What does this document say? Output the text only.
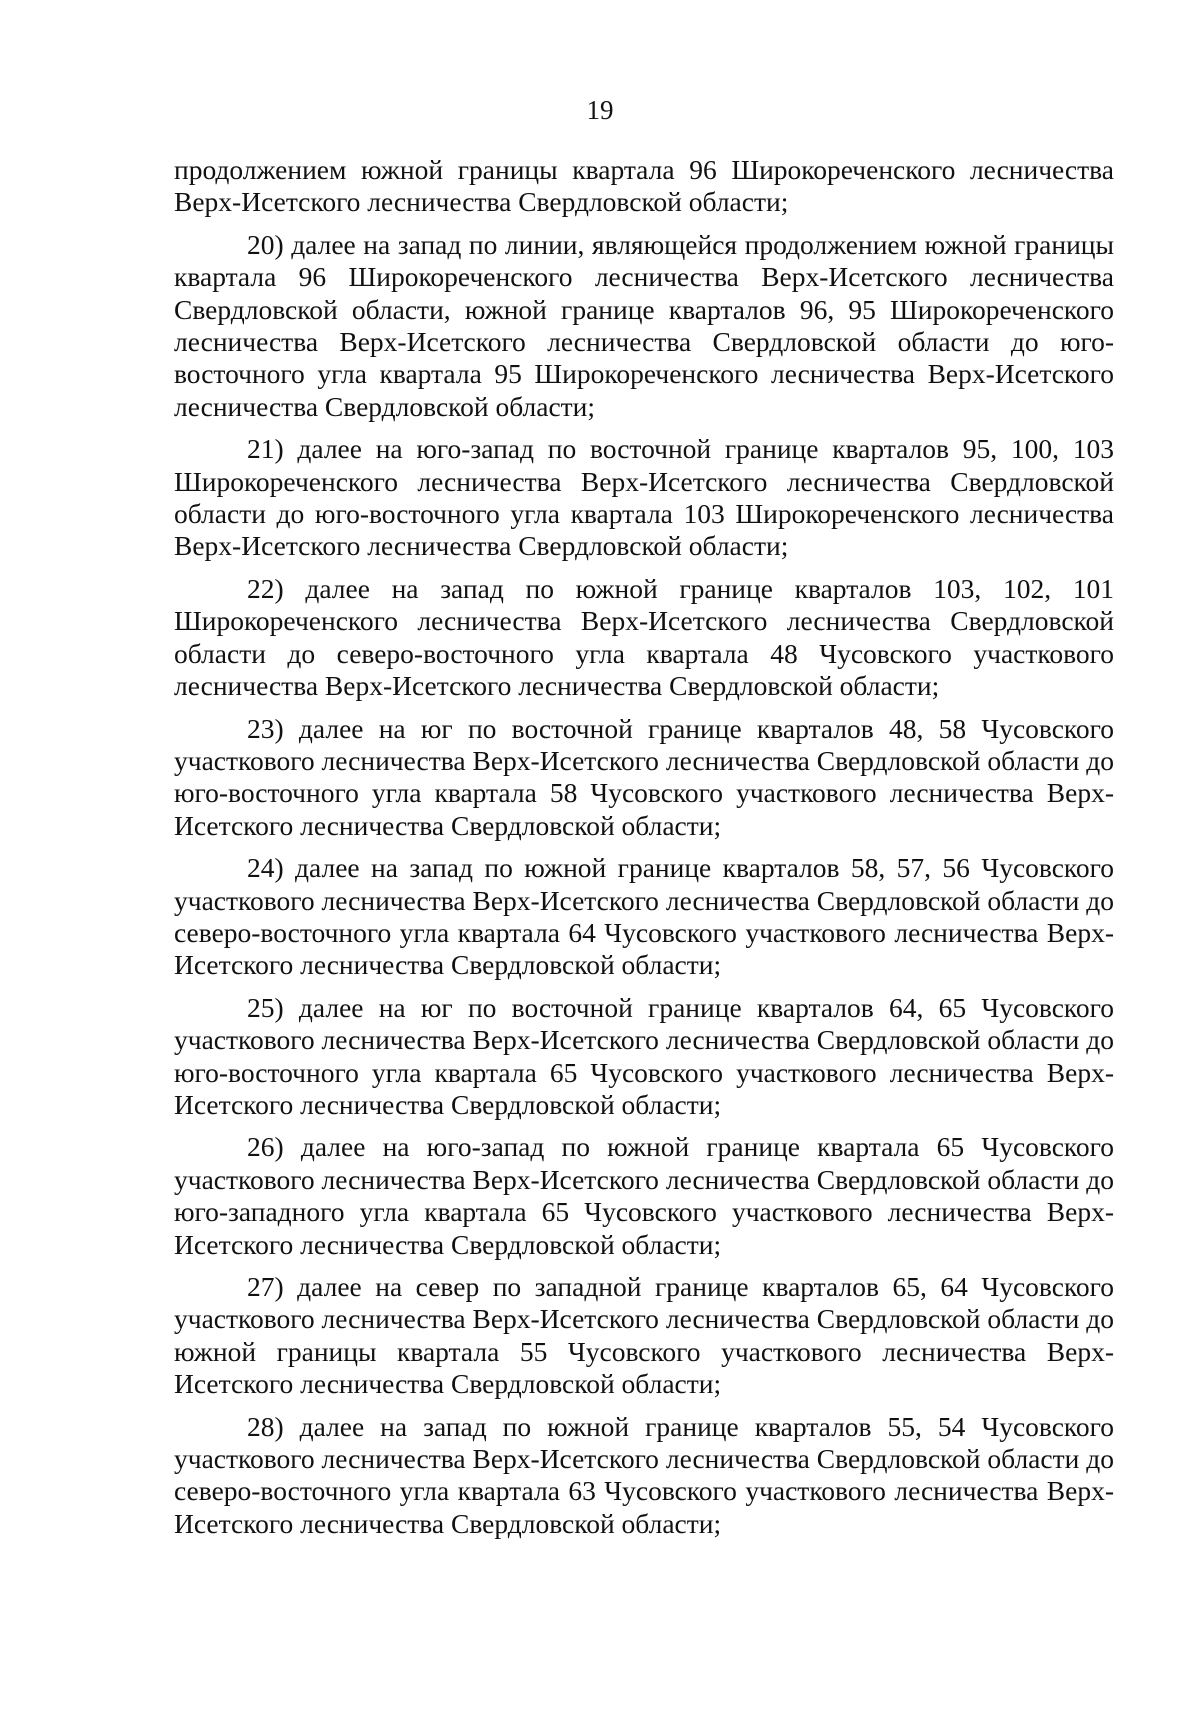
19

продолжением южной границы квартала 96 Широкореченского лесничества Верх-Исетского лесничества Свердловской области;

20) далее на запад по линии, являющейся продолжением южной границы квартала 96 Широкореченского лесничества Верх-Исетского лесничества Свердловской области, южной границе кварталов 96, 95 Широкореченского лесничества Верх-Исетского лесничества Свердловской области до юго-восточного угла квартала 95 Широкореченского лесничества Верх-Исетского лесничества Свердловской области;

21) далее на юго-запад по восточной границе кварталов 95, 100, 103 Широкореченского лесничества Верх-Исетского лесничества Свердловской области до юго-восточного угла квартала 103 Широкореченского лесничества Верх-Исетского лесничества Свердловской области;

22) далее на запад по южной границе кварталов 103, 102, 101 Широкореченского лесничества Верх-Исетского лесничества Свердловской области до северо-восточного угла квартала 48 Чусовского участкового лесничества Верх-Исетского лесничества Свердловской области;

23) далее на юг по восточной границе кварталов 48, 58 Чусовского участкового лесничества Верх-Исетского лесничества Свердловской области до юго-восточного угла квартала 58 Чусовского участкового лесничества Верх-Исетского лесничества Свердловской области;

24) далее на запад по южной границе кварталов 58, 57, 56 Чусовского участкового лесничества Верх-Исетского лесничества Свердловской области до северо-восточного угла квартала 64 Чусовского участкового лесничества Верх-Исетского лесничества Свердловской области;

25) далее на юг по восточной границе кварталов 64, 65 Чусовского участкового лесничества Верх-Исетского лесничества Свердловской области до юго-восточного угла квартала 65 Чусовского участкового лесничества Верх-Исетского лесничества Свердловской области;

26) далее на юго-запад по южной границе квартала 65 Чусовского участкового лесничества Верх-Исетского лесничества Свердловской области до юго-западного угла квартала 65 Чусовского участкового лесничества Верх-Исетского лесничества Свердловской области;

27) далее на север по западной границе кварталов 65, 64 Чусовского участкового лесничества Верх-Исетского лесничества Свердловской области до южной границы квартала 55 Чусовского участкового лесничества Верх-Исетского лесничества Свердловской области;

28) далее на запад по южной границе кварталов 55, 54 Чусовского участкового лесничества Верх-Исетского лесничества Свердловской области до северо-восточного угла квартала 63 Чусовского участкового лесничества Верх-Исетского лесничества Свердловской области;
